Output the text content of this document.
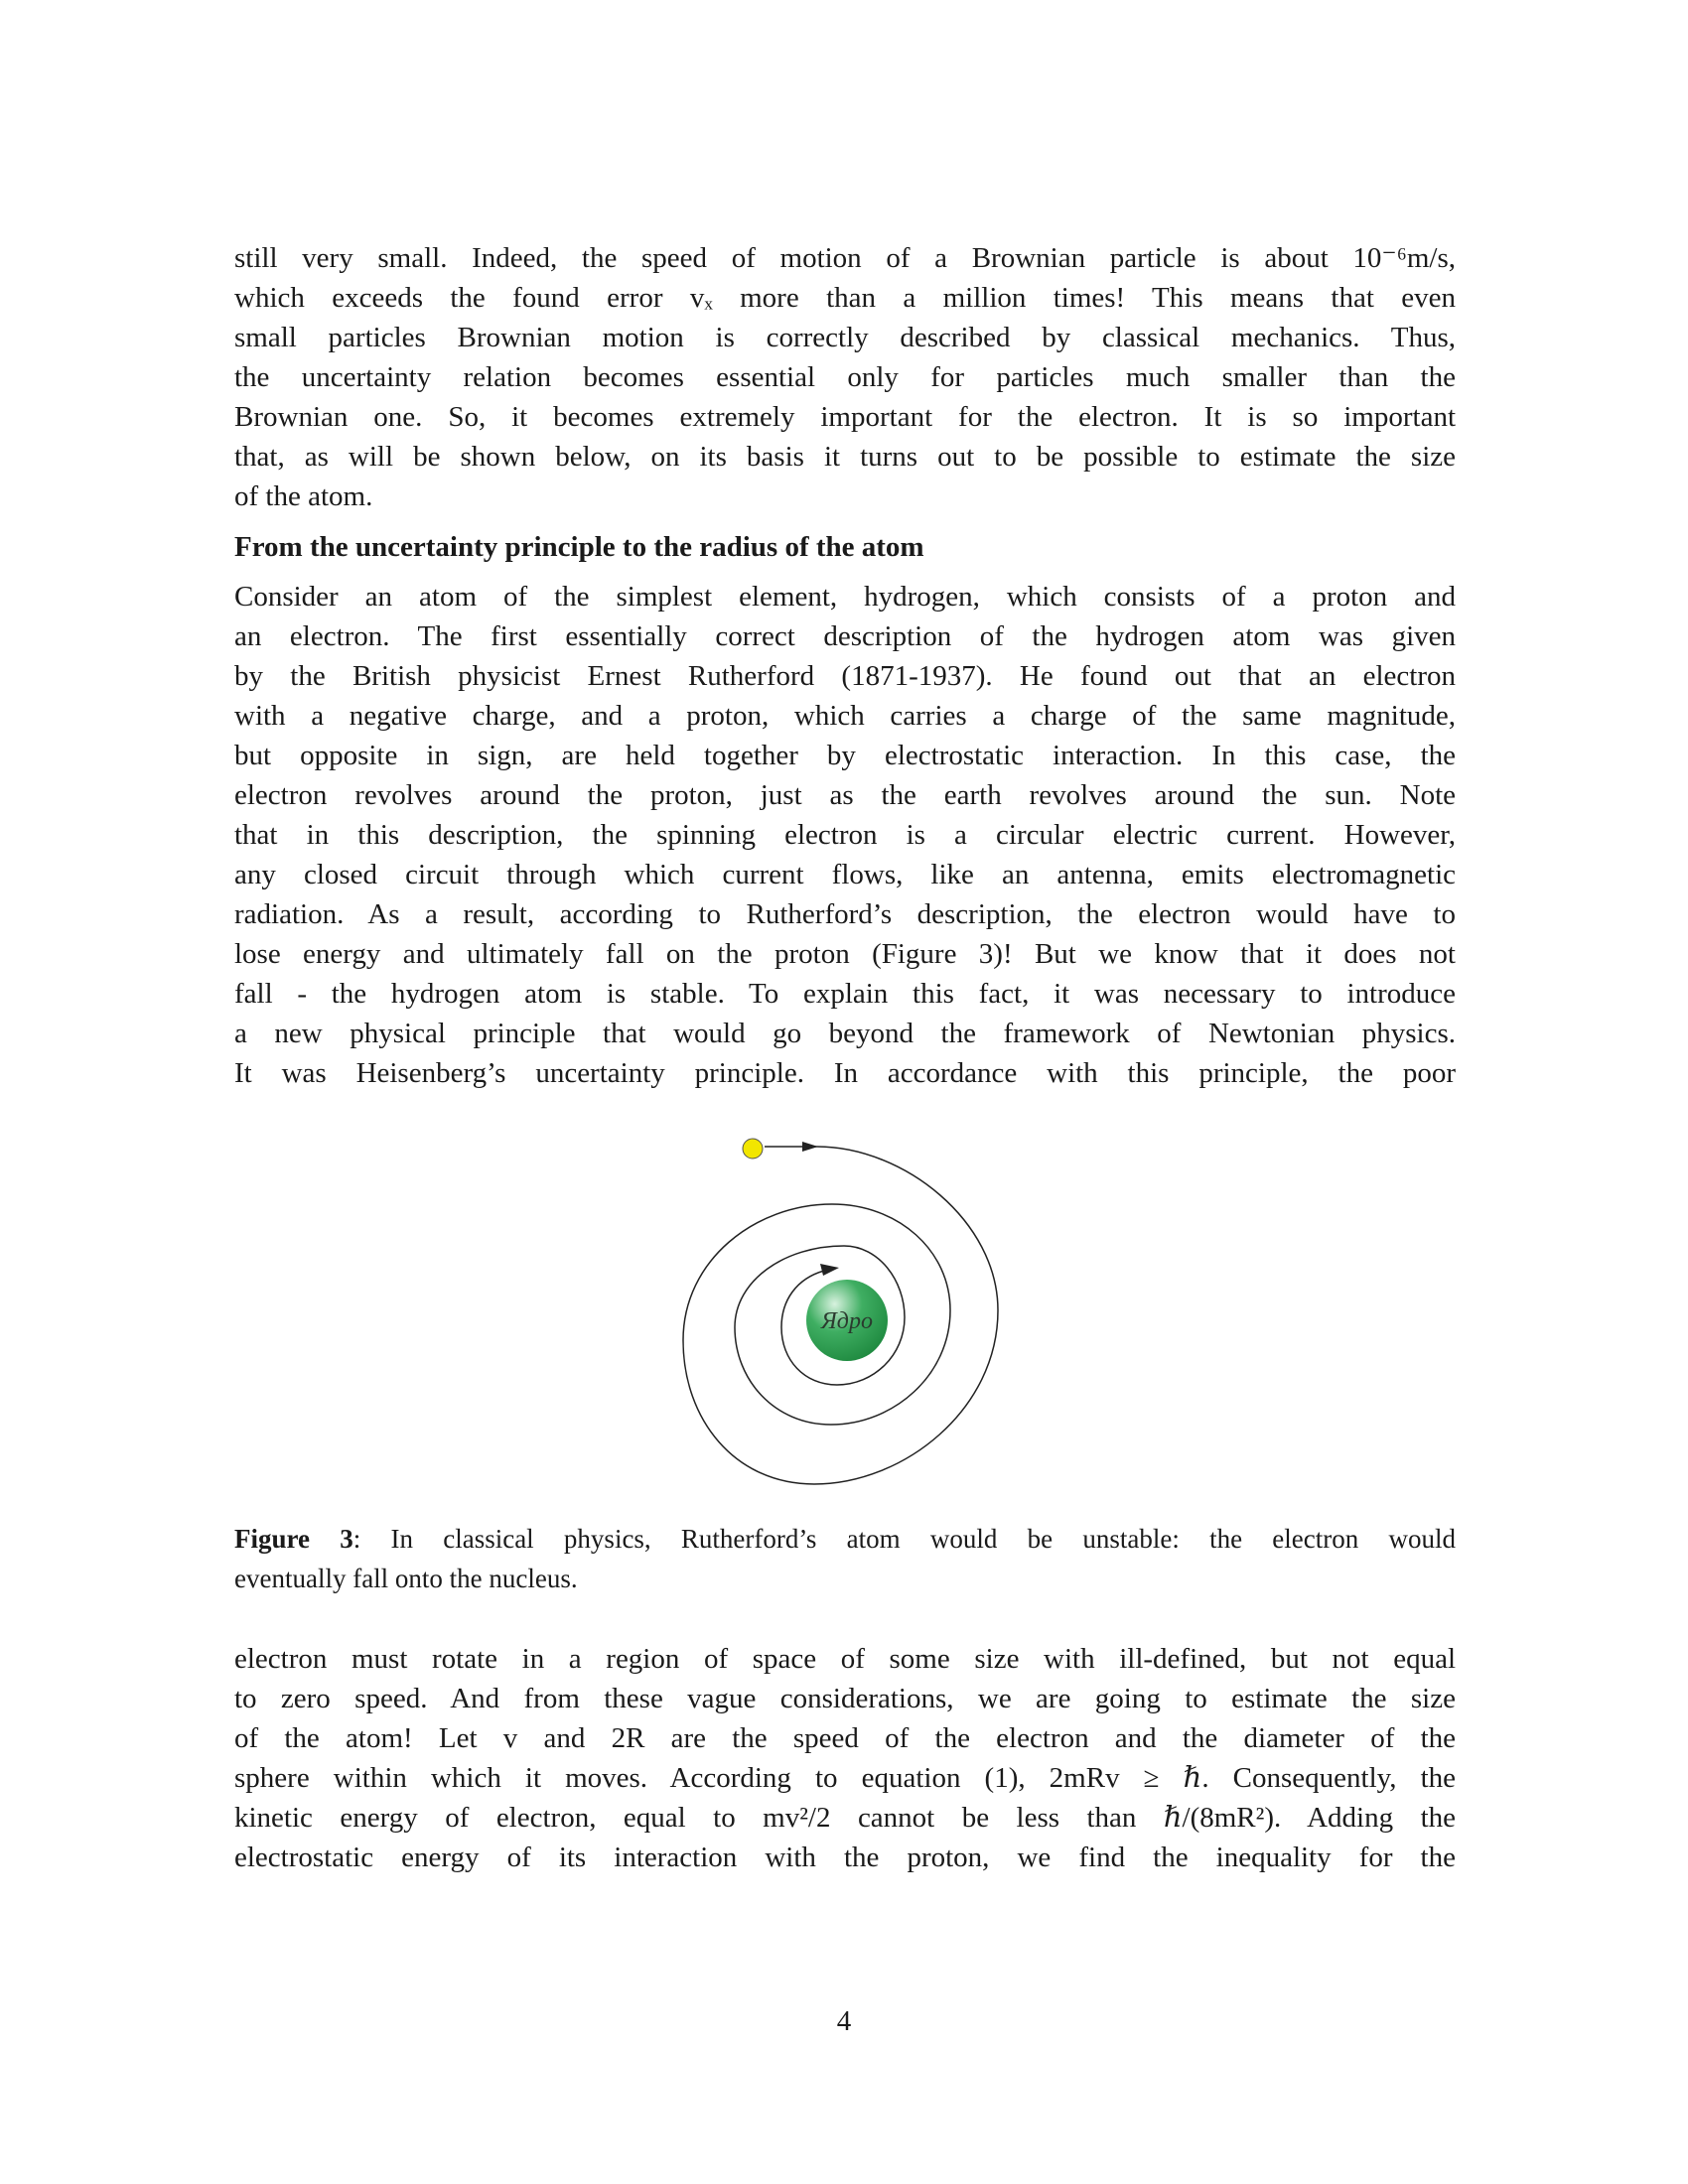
still very small. Indeed, the speed of motion of a Brownian particle is about 10⁻⁶m/s,
which exceeds the found error vₓ more than a million times! This means that even
small particles Brownian motion is correctly described by classical mechanics. Thus,
the uncertainty relation becomes essential only for particles much smaller than the
Brownian one. So, it becomes extremely important for the electron. It is so important
that, as will be shown below, on its basis it turns out to be possible to estimate the size
of the atom.
From the uncertainty principle to the radius of the atom
Consider an atom of the simplest element, hydrogen, which consists of a proton and
an electron. The first essentially correct description of the hydrogen atom was given
by the British physicist Ernest Rutherford (1871-1937). He found out that an electron
with a negative charge, and a proton, which carries a charge of the same magnitude,
but opposite in sign, are held together by electrostatic interaction. In this case, the
electron revolves around the proton, just as the earth revolves around the sun. Note
that in this description, the spinning electron is a circular electric current. However,
any closed circuit through which current flows, like an antenna, emits electromagnetic
radiation. As a result, according to Rutherford’s description, the electron would have to
lose energy and ultimately fall on the proton (Figure 3)! But we know that it does not
fall - the hydrogen atom is stable. To explain this fact, it was necessary to introduce
a new physical principle that would go beyond the framework of Newtonian physics.
It was Heisenberg’s uncertainty principle. In accordance with this principle, the poor
Ядро
Figure 3: In classical physics, Rutherford’s atom would be unstable: the electron would
eventually fall onto the nucleus.
electron must rotate in a region of space of some size with ill-defined, but not equal
to zero speed. And from these vague considerations, we are going to estimate the size
of the atom! Let v and 2R are the speed of the electron and the diameter of the
sphere within which it moves. According to equation (1), 2mRv ≥ ℏ. Consequently, the
kinetic energy of electron, equal to mv²/2 cannot be less than ℏ/(8mR²). Adding the
electrostatic energy of its interaction with the proton, we find the inequality for the
4
